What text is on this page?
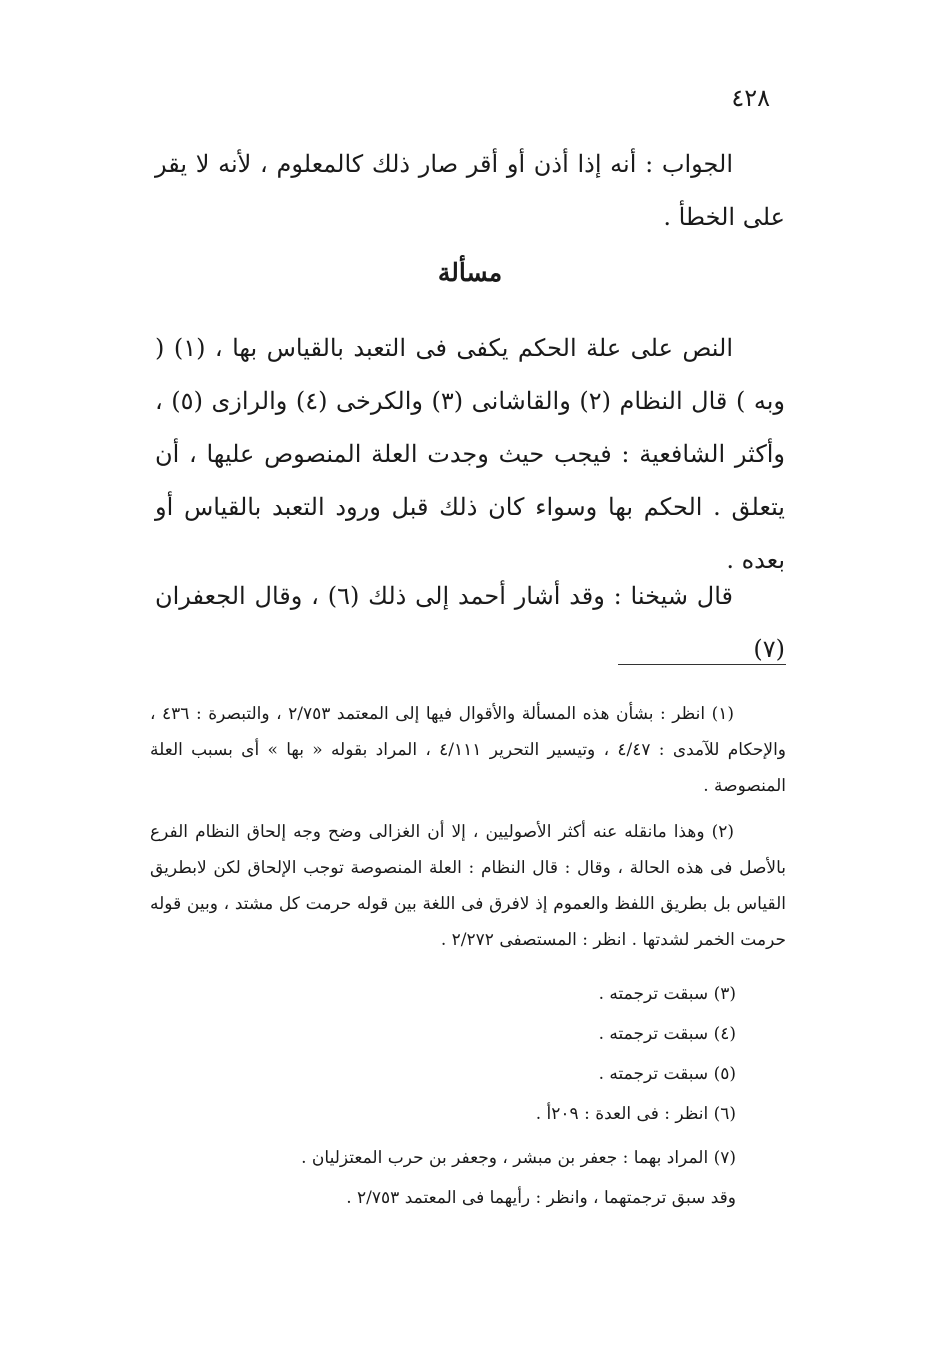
٤٢٨
الجواب : أنه إذا أذن أو أقر صار ذلك كالمعلوم ، لأنه لا يقر على الخطأ .
مسألة
النص على علة الحكم يكفى فى التعبد بالقياس بها ، (١) ( وبه ) قال النظام (٢) والقاشانى (٣) والكرخى (٤) والرازى (٥) ، وأكثر الشافعية : فيجب حيث وجدت العلة المنصوص عليها ، أن يتعلق . الحكم بها وسواء كان ذلك قبل ورود التعبد بالقياس أو بعده .
قال شيخنا : وقد أشار أحمد إلى ذلك (٦) ، وقال الجعفران (٧)
(١) انظر : بشأن هذه المسألة والأقوال فيها إلى المعتمد ٢/٧٥٣ ، والتبصرة : ٤٣٦ ، والإحكام للآمدى : ٤/٤٧ ، وتيسير التحرير ٤/١١١ ، المراد بقوله « بها » أى بسبب العلة المنصوصة .
(٢) وهذا مانقله عنه أكثر الأصوليين ، إلا أن الغزالى وضح وجه إلحاق النظام الفرع بالأصل فى هذه الحالة ، وقال : قال النظام : العلة المنصوصة توجب الإلحاق لكن لابطريق القياس بل بطريق اللفظ والعموم إذ لافرق فى اللغة بين قوله حرمت كل مشتد ، وبين قوله حرمت الخمر لشدتها . انظر : المستصفى ٢/٢٧٢ .
(٣) سبقت ترجمته .
(٤) سبقت ترجمته .
(٥) سبقت ترجمته .
(٦) انظر : فى العدة : ٢٠٩أ .
(٧) المراد بهما : جعفر بن مبشر ، وجعفر بن حرب المعتزليان .
وقد سبق ترجمتهما ، وانظر : رأيهما فى المعتمد ٢/٧٥٣ .
